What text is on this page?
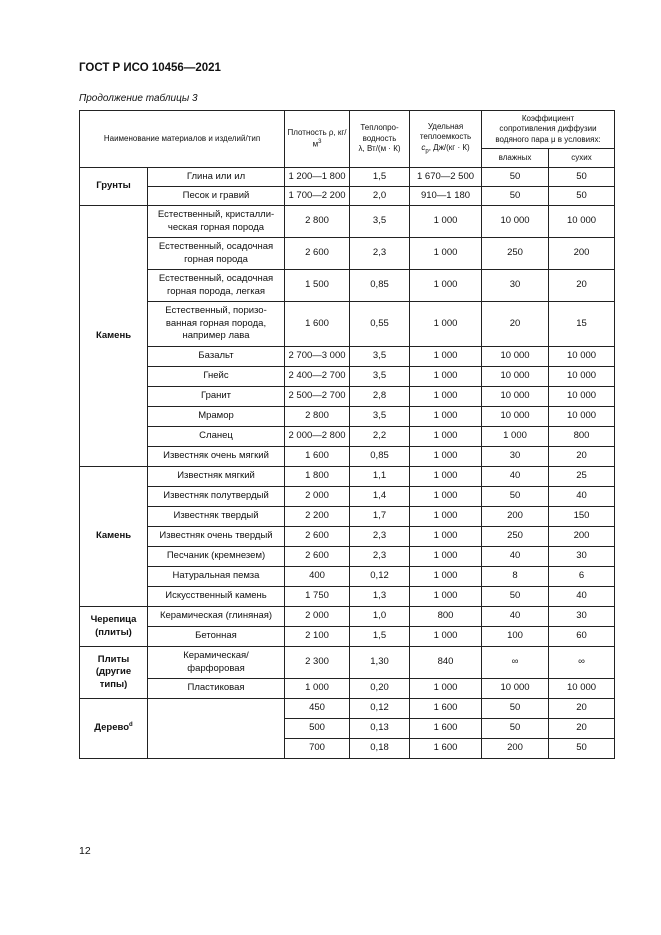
ГОСТ Р ИСО 10456—2021
Продолжение таблицы 3
Наименование материалов и изделий/тип		Плотность ρ, $кг/м^3$	Теплопро-
водность
λ, Вт/(м · К)	Удельная
теплоемкость
$c_p$, Дж/(кг · К)	Коэффициент
сопротивления диффузии
водяного пара μ в условиях:	
					влажных	сухих
Грунты	Глина или ил	1 200—1 800	1,5	1 670—2 500	50	50
	Песок и гравий	1 700—2 200	2,0	910—1 180	50	50
Камень	Естественный, кристалли-
ческая горная порода	2 800	3,5	1 000	10 000	10 000
	Естественный, осадочная
горная порода	2 600	2,3	1 000	250	200
	Естественный, осадочная
горная порода, легкая	1 500	0,85	1 000	30	20
	Естественный, поризо-
ванная горная порода,
например лава	1 600	0,55	1 000	20	15
	Базальт	2 700—3 000	3,5	1 000	10 000	10 000
	Гнейс	2 400—2 700	3,5	1 000	10 000	10 000
	Гранит	2 500—2 700	2,8	1 000	10 000	10 000
	Мрамор	2 800	3,5	1 000	10 000	10 000
	Сланец	2 000—2 800	2,2	1 000	1 000	800
	Известняк очень мягкий	1 600	0,85	1 000	30	20
Камень	Известняк мягкий	1 800	1,1	1 000	40	25
	Известняк полутвердый	2 000	1,4	1 000	50	40
	Известняк твердый	2 200	1,7	1 000	200	150
	Известняк очень твердый	2 600	2,3	1 000	250	200
	Песчаник (кремнезем)	2 600	2,3	1 000	40	30
	Натуральная пемза	400	0,12	1 000	8	6
	Искусственный камень	1 750	1,3	1 000	50	40
Черепица
(плиты)	Керамическая (глиняная)	2 000	1,0	800	40	30
	Бетонная	2 100	1,5	1 000	100	60
Плиты
(другие
типы)	Керамическая/
фарфоровая	2 300	1,30	840	∞	∞
	Пластиковая	1 000	0,20	1 000	10 000	10 000
Дерево$^d$		450	0,12	1 600	50	20
		500	0,13	1 600	50	20
		700	0,18	1 600	200	50
12
